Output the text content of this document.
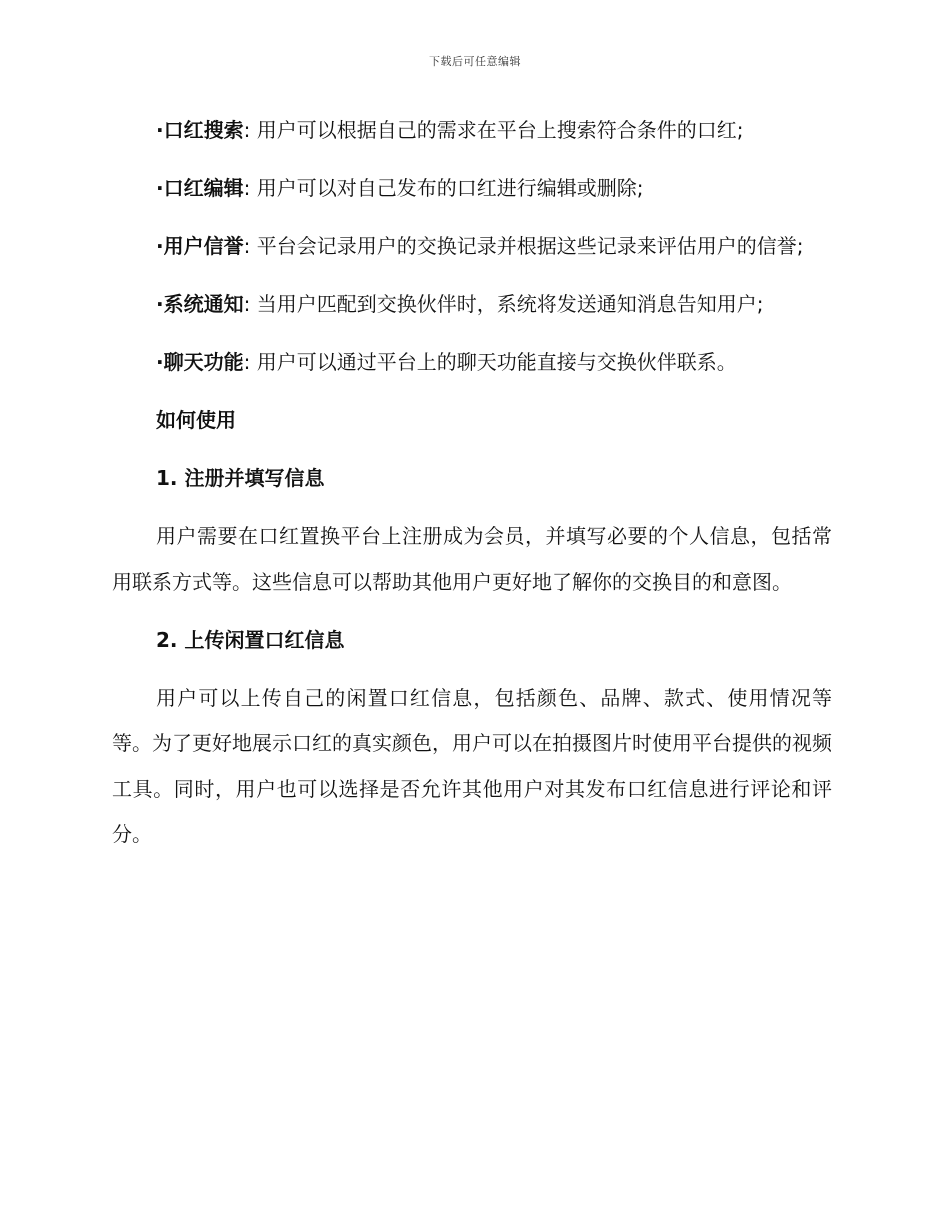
下载后可任意编辑

·口红搜索: 用户可以根据自己的需求在平台上搜索符合条件的口红;

·口红编辑: 用户可以对自己发布的口红进行编辑或删除;

·用户信誉: 平台会记录用户的交换记录并根据这些记录来评估用户的信誉;

·系统通知: 当用户匹配到交换伙伴时，系统将发送通知消息告知用户;

·聊天功能: 用户可以通过平台上的聊天功能直接与交换伙伴联系。

如何使用

1. 注册并填写信息

用户需要在口红置换平台上注册成为会员，并填写必要的个人信息，包括常用联系方式等。这些信息可以帮助其他用户更好地了解你的交换目的和意图。

2. 上传闲置口红信息

用户可以上传自己的闲置口红信息，包括颜色、品牌、款式、使用情况等等。为了更好地展示口红的真实颜色，用户可以在拍摄图片时使用平台提供的视频工具。同时，用户也可以选择是否允许其他用户对其发布口红信息进行评论和评分。
